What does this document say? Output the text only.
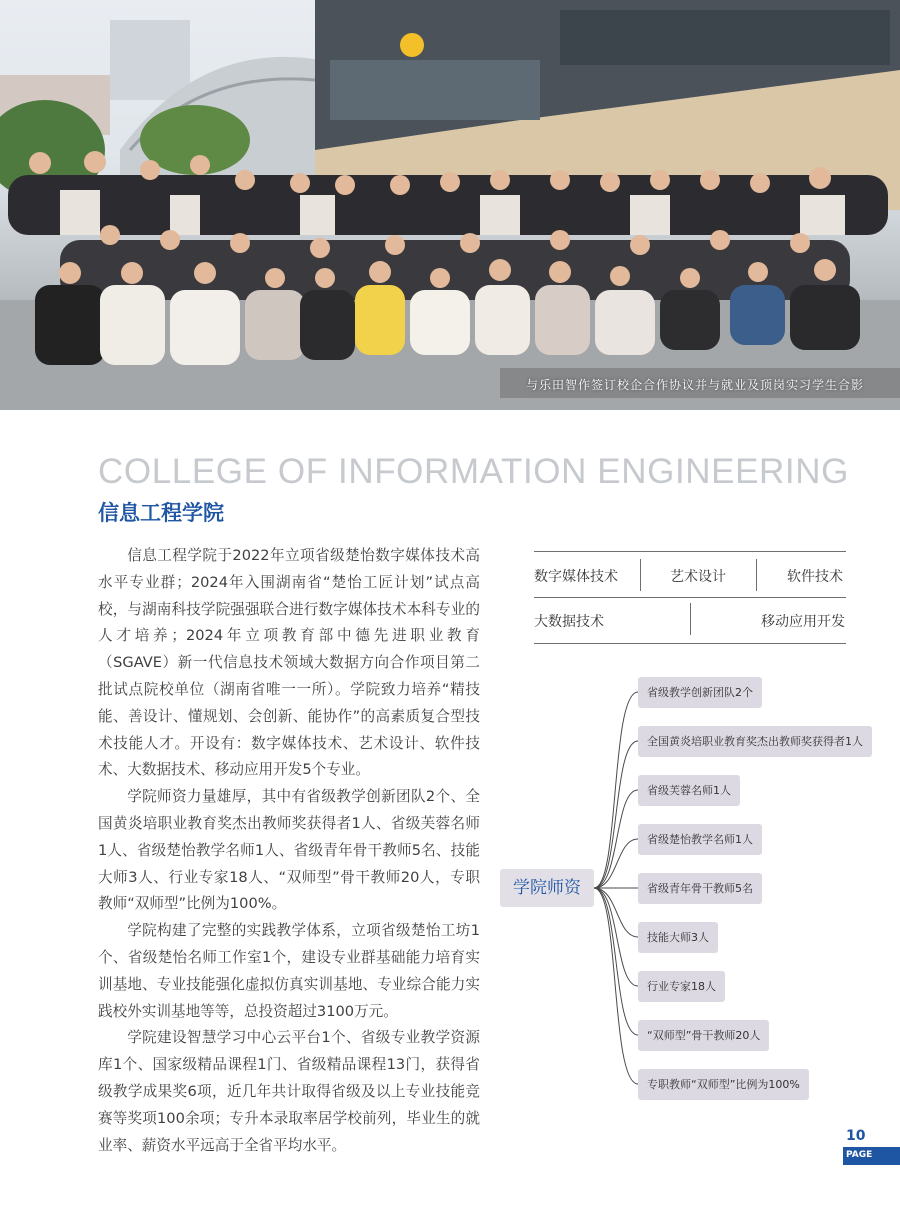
与乐田智作签订校企合作协议并与就业及顶岗实习学生合影
COLLEGE OF INFORMATION ENGINEERING
信息工程学院

信息工程学院于2022年立项省级楚怡数字媒体技术高水平专业群；2024年入围湖南省“楚怡工匠计划”试点高校，与湖南科技学院强强联合进行数字媒体技术本科专业的人才培养；2024年立项教育部中德先进职业教育（SGAVE）新一代信息技术领域大数据方向合作项目第二批试点院校单位（湖南省唯一一所）。学院致力培养“精技能、善设计、懂规划、会创新、能协作”的高素质复合型技术技能人才。开设有：数字媒体技术、艺术设计、软件技术、大数据技术、移动应用开发5个专业。

学院师资力量雄厚，其中有省级教学创新团队2个、全国黄炎培职业教育奖杰出教师奖获得者1人、省级芙蓉名师1人、省级楚怡教学名师1人、省级青年骨干教师5名、技能大师3人、行业专家18人、“双师型”骨干教师20人，专职教师“双师型”比例为100%。

学院构建了完整的实践教学体系，立项省级楚怡工坊1个、省级楚怡名师工作室1个，建设专业群基础能力培育实训基地、专业技能强化虚拟仿真实训基地、专业综合能力实践校外实训基地等等，总投资超过3100万元。

学院建设智慧学习中心云平台1个、省级专业教学资源库1个、国家级精品课程1门、省级精品课程13门，获得省级教学成果奖6项，近几年共计取得省级及以上专业技能竞赛等奖项100余项；专升本录取率居学校前列，毕业生的就业率、薪资水平远高于全省平均水平。

数字媒体技术	艺术设计	软件技术
大数据技术	移动应用开发
学院师资
省级教学创新团队2个
全国黄炎培职业教育奖杰出教师奖获得者1人
省级芙蓉名师1人
省级楚怡教学名师1人
省级青年骨干教师5名
技能大师3人
行业专家18人
“双师型”骨干教师20人
专职教师“双师型”比例为100%
10
PAGE
